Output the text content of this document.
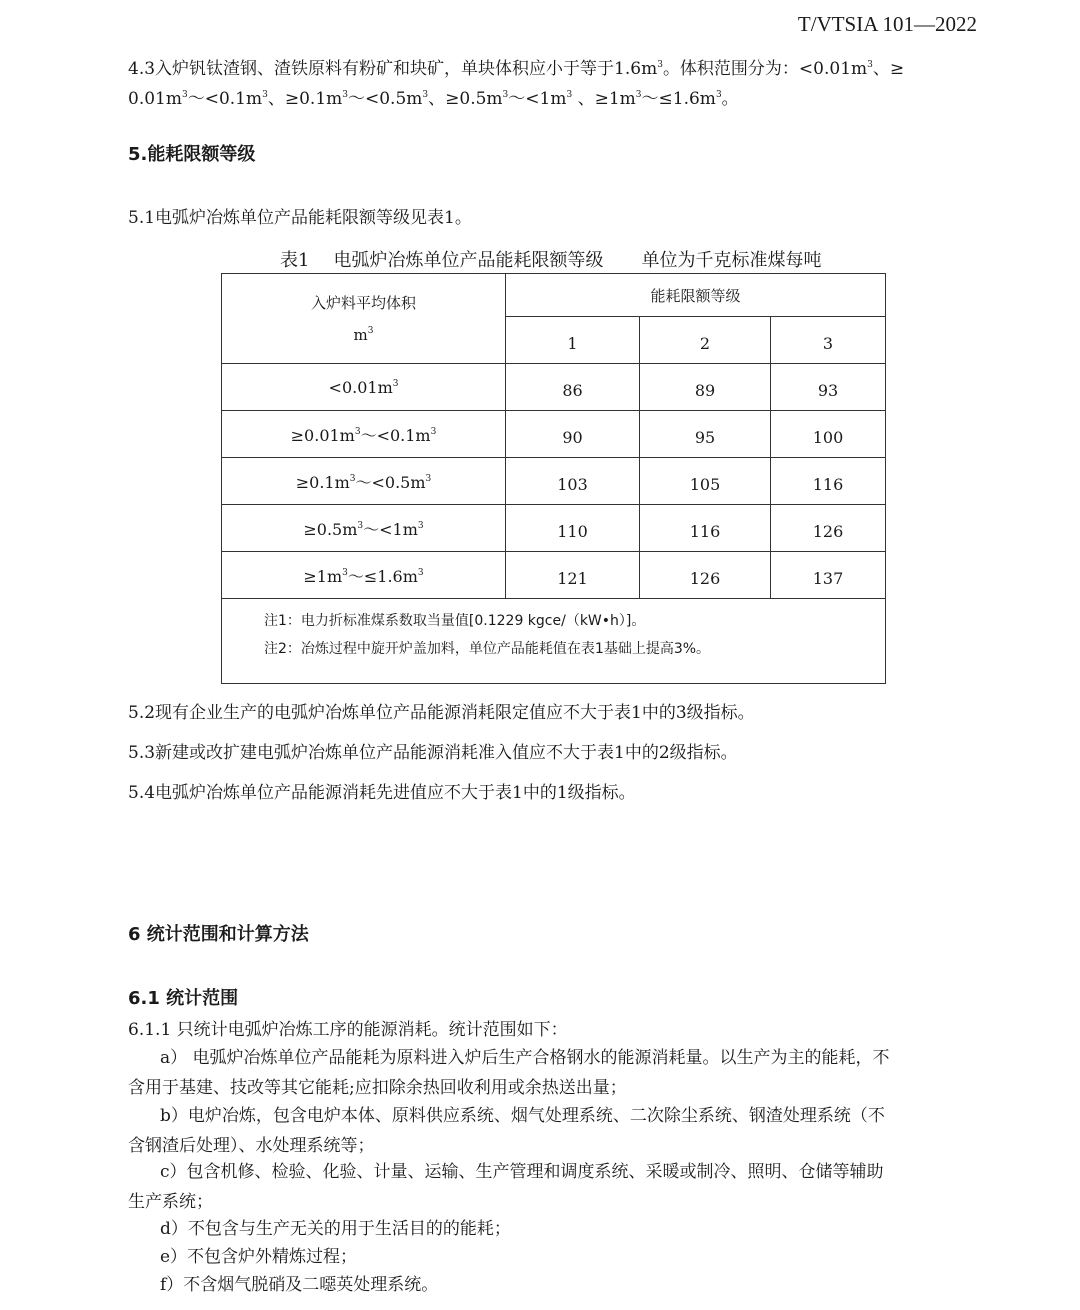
T/VTSIA 101—2022
4.3入炉钒钛渣钢、渣铁原料有粉矿和块矿，单块体积应小于等于$1.6m^3$。体积范围分为：$<0.01m^3$、≥
$0.01m^3\sim<0.1m^3$、$\ge 0.1m^3\sim<0.5m^3$、$\ge 0.5m^3\sim<1m^3$ 、$\ge 1m^3\sim\le 1.6m^3$。
5.能耗限额等级
5.1电弧炉冶炼单位产品能耗限额等级见表1。
表1 电弧炉冶炼单位产品能耗限额等级 单位为千克标准煤每吨
入炉料平均体积
$m^3$	能耗限额等级		
	1	2	3
$<0.01m^3$	86	89	93
$\ge 0.01m^3\sim<0.1m^3$	90	95	100
$\ge 0.1m^3\sim<0.5m^3$	103	105	116
$\ge 0.5m^3\sim<1m^3$	110	116	126
$\ge 1m^3\sim\le 1.6m^3$	121	126	137

注1：电力折标准煤系数取当量值[0.1229 kgce/（kW•h）]。
注2：冶炼过程中旋开炉盖加料，单位产品能耗值在表1基础上提高3%。			
5.2现有企业生产的电弧炉冶炼单位产品能源消耗限定值应不大于表1中的3级指标。
5.3新建或改扩建电弧炉冶炼单位产品能源消耗准入值应不大于表1中的2级指标。
5.4电弧炉冶炼单位产品能源消耗先进值应不大于表1中的1级指标。
6 统计范围和计算方法
6.1 统计范围
6.1.1 只统计电弧炉冶炼工序的能源消耗。统计范围如下：
a） 电弧炉冶炼单位产品能耗为原料进入炉后生产合格钢水的能源消耗量。以生产为主的能耗，不
含用于基建、技改等其它能耗;应扣除余热回收利用或余热送出量；
b）电炉冶炼，包含电炉本体、原料供应系统、烟气处理系统、二次除尘系统、钢渣处理系统（不
含钢渣后处理）、水处理系统等；
c）包含机修、检验、化验、计量、运输、生产管理和调度系统、采暖或制冷、照明、仓储等辅助
生产系统；
d）不包含与生产无关的用于生活目的的能耗；
e）不包含炉外精炼过程；
f）不含烟气脱硝及二噁英处理系统。
